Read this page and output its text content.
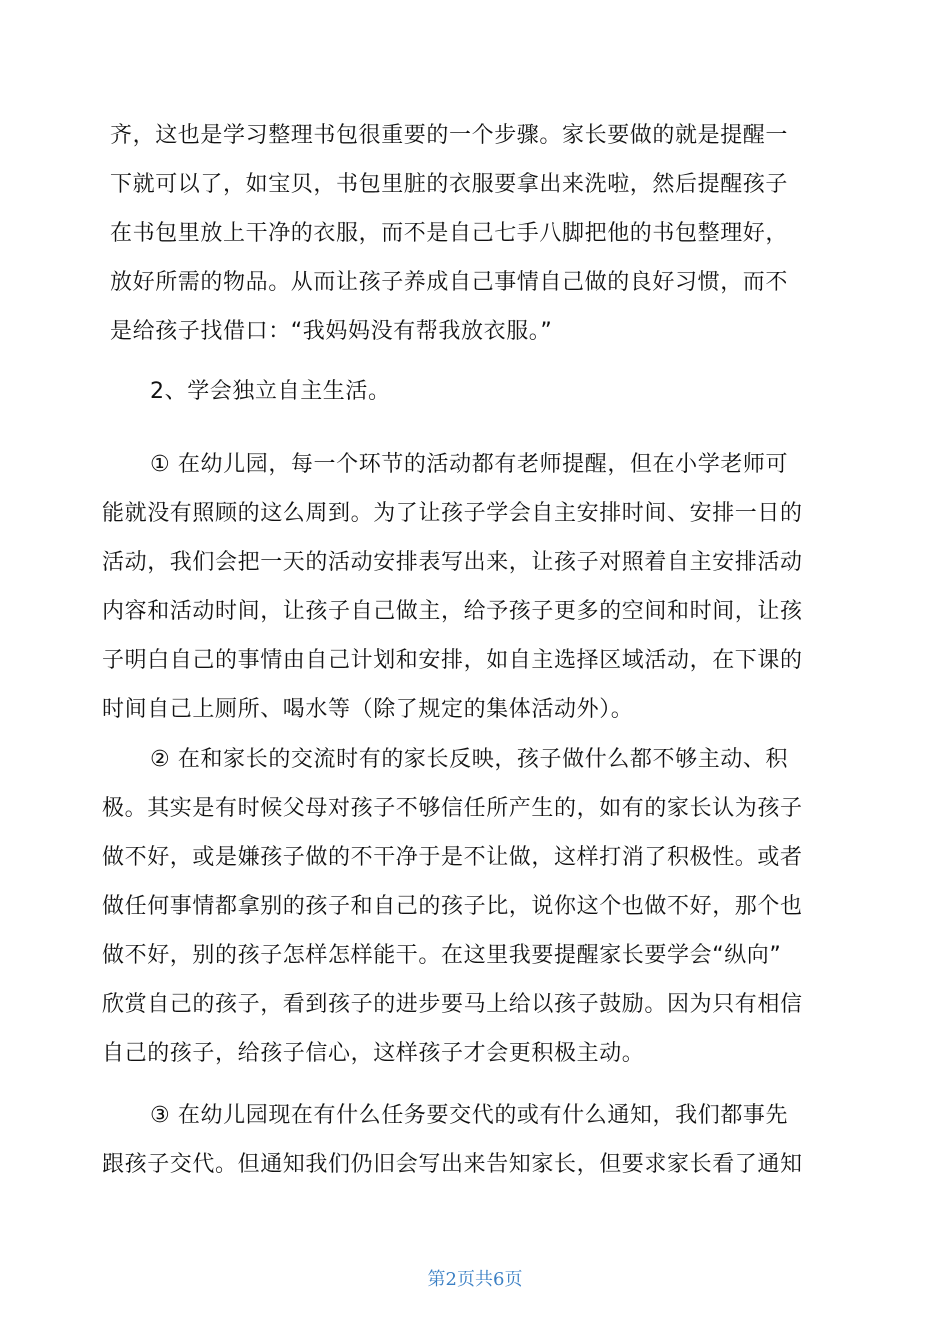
齐，这也是学习整理书包很重要的一个步骤。家长要做的就是提醒一
下就可以了，如宝贝，书包里脏的衣服要拿出来洗啦，然后提醒孩子
在书包里放上干净的衣服，而不是自己七手八脚把他的书包整理好，
放好所需的物品。从而让孩子养成自己事情自己做的良好习惯，而不
是给孩子找借口：“我妈妈没有帮我放衣服。”
2、学会独立自主生活。
① 在幼儿园，每一个环节的活动都有老师提醒，但在小学老师可
能就没有照顾的这么周到。为了让孩子学会自主安排时间、安排一日的
活动，我们会把一天的活动安排表写出来，让孩子对照着自主安排活动
内容和活动时间，让孩子自己做主，给予孩子更多的空间和时间，让孩
子明白自己的事情由自己计划和安排，如自主选择区域活动，在下课的
时间自己上厕所、喝水等（除了规定的集体活动外）。
② 在和家长的交流时有的家长反映，孩子做什么都不够主动、积
极。其实是有时候父母对孩子不够信任所产生的，如有的家长认为孩子
做不好，或是嫌孩子做的不干净于是不让做，这样打消了积极性。或者
做任何事情都拿别的孩子和自己的孩子比，说你这个也做不好，那个也
做不好，别的孩子怎样怎样能干。在这里我要提醒家长要学会“纵向”
欣赏自己的孩子，看到孩子的进步要马上给以孩子鼓励。因为只有相信
自己的孩子，给孩子信心，这样孩子才会更积极主动。
③ 在幼儿园现在有什么任务要交代的或有什么通知，我们都事先
跟孩子交代。但通知我们仍旧会写出来告知家长，但要求家长看了通知
第2页共6页
